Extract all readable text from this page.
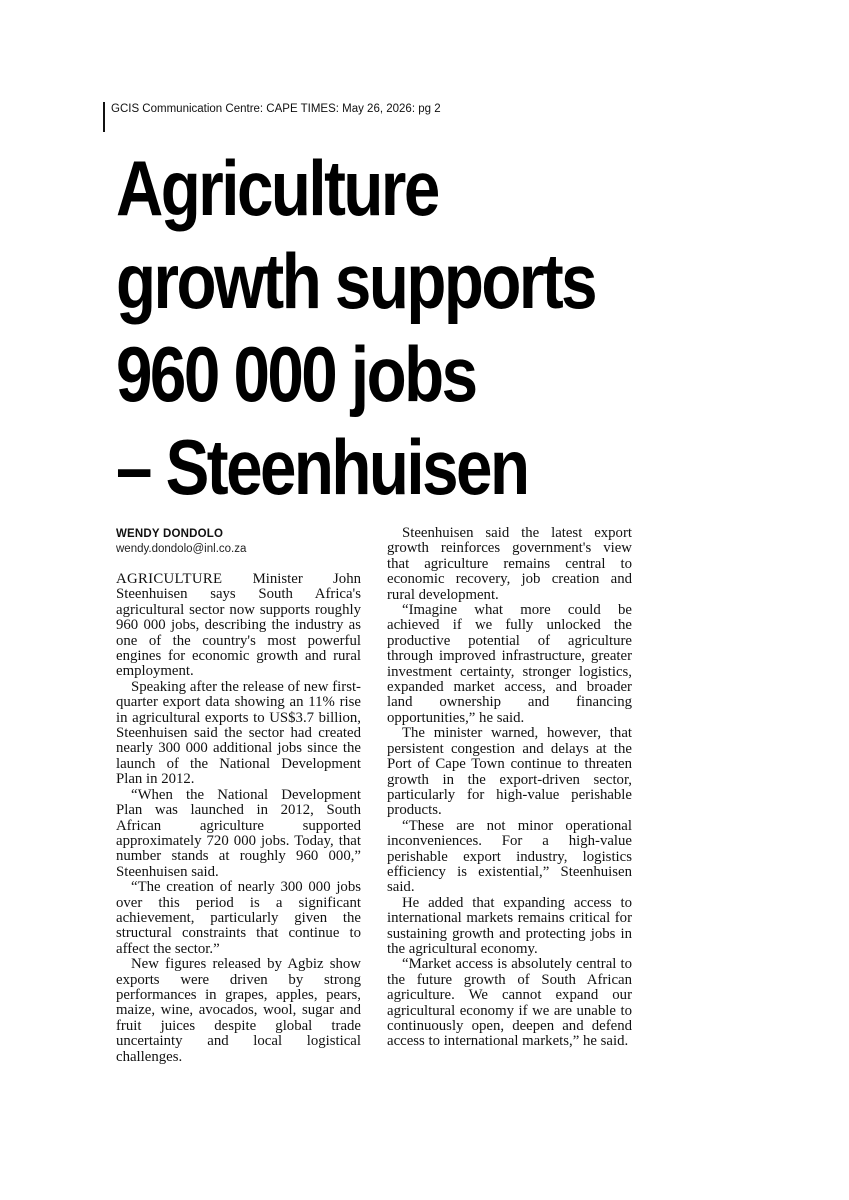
GCIS Communication Centre: CAPE TIMES: May 26, 2026: pg 2
Agriculture
growth supports
960 000 jobs
– Steenhuisen
WENDY DONDOLO
wendy.dondolo@inl.co.za

AGRICULTURE Minister John Steenhuisen says South Africa's agricultural sector now supports roughly 960 000 jobs, describing the industry as one of the country's most powerful engines for economic growth and rural employment.

Speaking after the release of new first-quarter export data showing an 11% rise in agricultural exports to US$3.7 billion, Steenhuisen said the sector had created nearly 300 000 additional jobs since the launch of the National Development Plan in 2012.

“When the National Development Plan was launched in 2012, South African agriculture supported approximately 720 000 jobs. Today, that number stands at roughly 960 000,” Steenhuisen said.

“The creation of nearly 300 000 jobs over this period is a significant achievement, particularly given the structural constraints that continue to affect the sector.”

New figures released by Agbiz show exports were driven by strong performances in grapes, apples, pears, maize, wine, avocados, wool, sugar and fruit juices despite global trade uncertainty and local logistical challenges.

Steenhuisen said the latest export growth reinforces government's view that agriculture remains central to economic recovery, job creation and rural development.

“Imagine what more could be achieved if we fully unlocked the productive potential of agriculture through improved infrastructure, greater investment certainty, stronger logistics, expanded market access, and broader land ownership and financing opportunities,” he said.

The minister warned, however, that persistent congestion and delays at the Port of Cape Town continue to threaten growth in the export-driven sector, particularly for high-value perishable products.

“These are not minor operational inconveniences. For a high-value perishable export industry, logistics efficiency is existential,” Steenhuisen said.

He added that expanding access to international markets remains critical for sustaining growth and protecting jobs in the agricultural economy.

“Market access is absolutely central to the future growth of South African agriculture. We cannot expand our agricultural economy if we are unable to continuously open, deepen and defend access to international markets,” he said.
